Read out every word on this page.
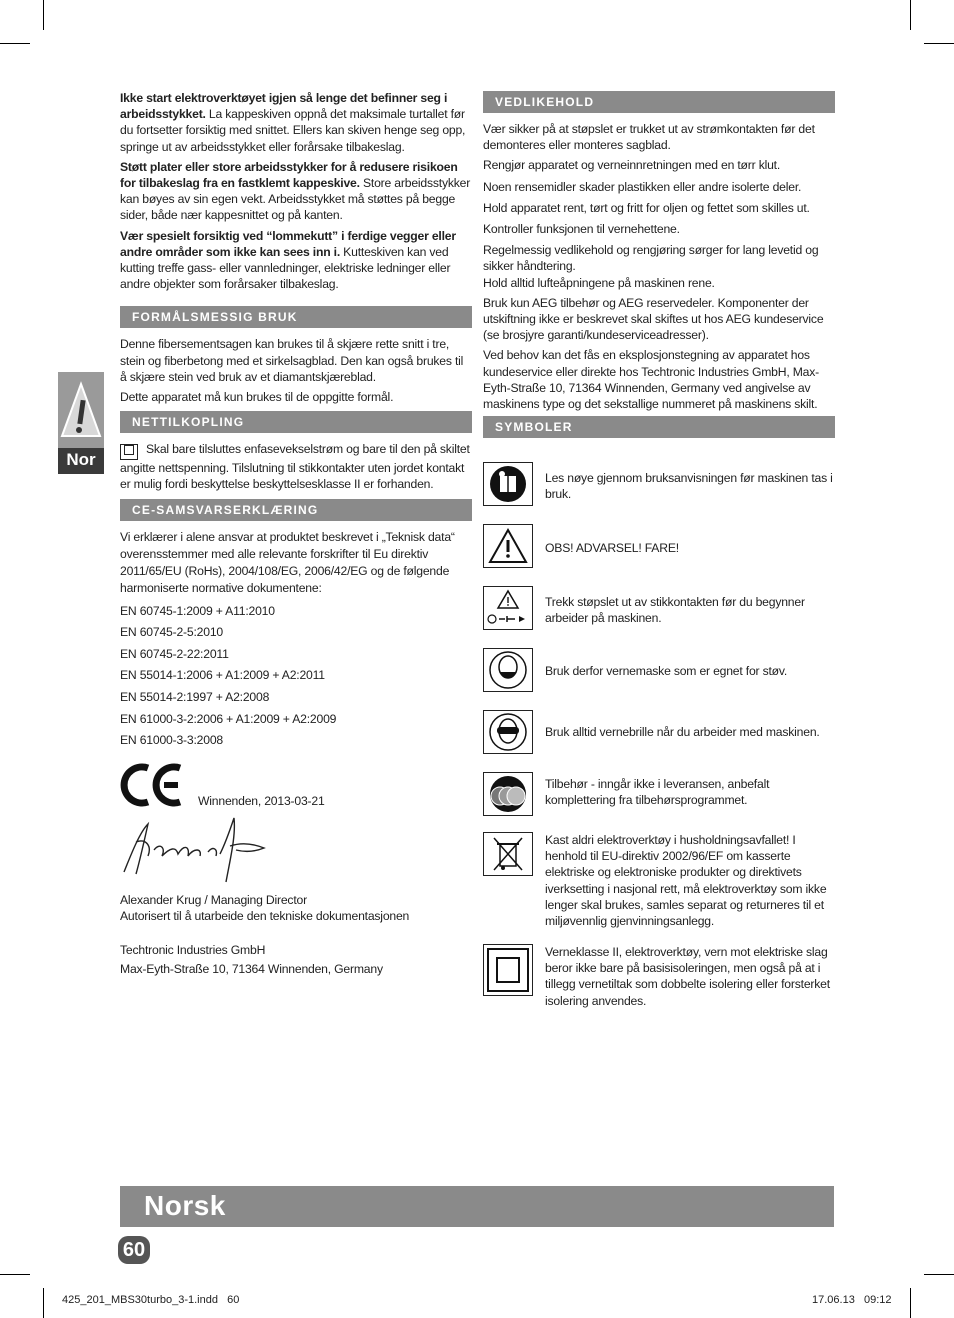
Nor

Ikke start elektroverktøyet igjen så lenge det befinner seg i arbeidsstykket. La kappeskiven oppnå det maksimale turtallet før du fortsetter forsiktig med snittet. Ellers kan skiven henge seg opp, springe ut av arbeidsstykket eller forårsake tilbakeslag.

Støtt plater eller store arbeidsstykker for å redusere risikoen for tilbakeslag fra en fastklemt kappeskive. Store arbeidsstykker kan bøyes av sin egen vekt. Arbeidsstykket må støttes på begge sider, både nær kappesnittet og på kanten.

Vær spesielt forsiktig ved “lommekutt” i ferdige vegger eller andre områder som ikke kan sees inn i. Kutteskiven kan ved kutting treffe gass- eller vannledninger, elektriske ledninger eller andre objekter som forårsaker tilbakeslag.

FORMÅLSMESSIG BRUK

Denne fibersementsagen kan brukes til å skjære rette snitt i tre, stein og fiberbetong med et sirkelsagblad. Den kan også brukes til å skjære stein ved bruk av et diamantskjæreblad.

Dette apparatet må kun brukes til de oppgitte formål.

NETTILKOPLING

Skal bare tilsluttes enfasevekselstrøm og bare til den på skiltet angitte nettspenning. Tilslutning til stikkontakter uten jordet kontakt er mulig fordi beskyttelse beskyttelsesklasse II er forhanden.

CE-SAMSVARSERKLÆRING

Vi erklærer i alene ansvar at produktet beskrevet i „Teknisk data“ overensstemmer med alle relevante forskrifter til Eu direktiv 2011/65/EU (RoHs), 2004/108/EG, 2006/42/EG og de følgende harmoniserte normative dokumentene:

EN 60745-1:2009 + A11:2010

EN 60745-2-5:2010

EN 60745-2-22:2011

EN 55014-1:2006 + A1:2009 + A2:2011

EN 55014-2:1997 + A2:2008

EN 61000-3-2:2006 + A1:2009 + A2:2009

EN 61000-3-3:2008

Winnenden, 2013-03-21

Alexander Krug / Managing Director

Autorisert til å utarbeide den tekniske dokumentasjonen

Techtronic Industries GmbH

Max-Eyth-Straße 10, 71364 Winnenden, Germany

VEDLIKEHOLD

Vær sikker på at støpslet er trukket ut av strømkontakten før det demonteres eller monteres sagblad.

Rengjør apparatet og verneinnretningen med en tørr klut.

Noen rensemidler skader plastikken eller andre isolerte deler.

Hold apparatet rent, tørt og fritt for oljen og fettet som skilles ut.

Kontroller funksjonen til vernehettene.

Regelmessig vedlikehold og rengjøring sørger for lang levetid og sikker håndtering.

Hold alltid lufteåpningene på maskinen rene.

Bruk kun AEG tilbehør og AEG reservedeler. Komponenter der utskiftning ikke er beskrevet skal skiftes ut hos AEG kundeservice (se brosjyre garanti/kundeserviceadresser).

Ved behov kan det fås en eksplosjonstegning av apparatet hos kundeservice eller direkte hos Techtronic Industries GmbH, Max-Eyth-Straße 10, 71364 Winnenden, Germany ved angivelse av maskinens type og det sekstallige nummeret på maskinens skilt.

SYMBOLER
Les nøye gjennom bruksanvisningen før maskinen tas i bruk.
OBS! ADVARSEL! FARE!
Trekk støpslet ut av stikkontakten før du begynner arbeider på maskinen.
Bruk derfor vernemaske som er egnet for støv.
Bruk alltid vernebrille når du arbeider med maskinen.
Tilbehør - inngår ikke i leveransen, anbefalt komplettering fra tilbehørsprogrammet.
Kast aldri elektroverktøy i husholdningsavfallet! I henhold til EU-direktiv 2002/96/EF om kasserte elektriske og elektroniske produkter og direktivets iverksetting i nasjonal rett, må elektroverktøy som ikke lenger skal brukes, samles separat og returneres til et miljøvennlig gjenvinningsanlegg.
Verneklasse II, elektroverktøy, vern mot elektriske slag beror ikke bare på basisisoleringen, men også på at i tillegg vernetiltak som dobbelte isolering eller forsterket isolering anvendes.
Norsk
60
425_201_MBS30turbo_3-1.indd   60	17.06.13   09:12
